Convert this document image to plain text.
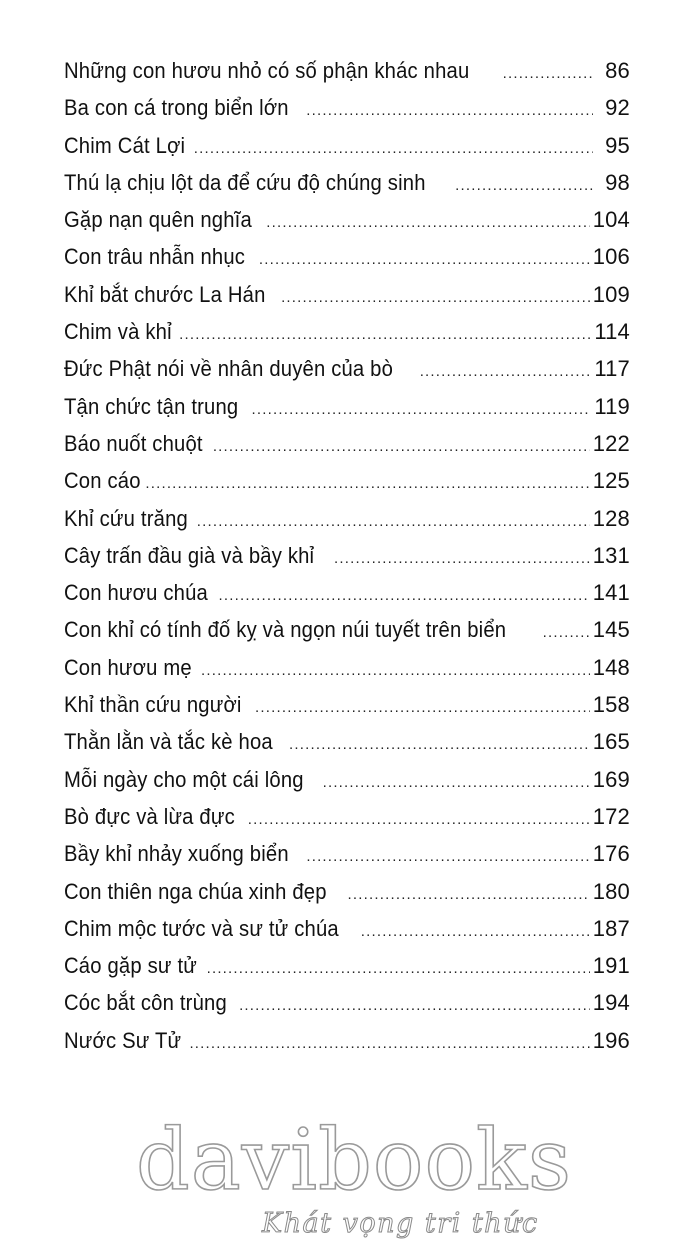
Những con hươu nhỏ có số phận khác nhau .....	86
Ba con cá trong biển lớn .....	92
Chim Cát Lợi .....	95
Thú lạ chịu lột da để cứu độ chúng sinh .....	98
Gặp nạn quên nghĩa .....	104
Con trâu nhẫn nhục .....	106
Khỉ bắt chước La Hán .....	109
Chim và khỉ .....	114
Đức Phật nói về nhân duyên của bò .....	117
Tận chức tận trung .....	119
Báo nuốt chuột .....	122
Con cáo .....	125
Khỉ cứu trăng .....	128
Cây trấn đầu già và bầy khỉ .....	131
Con hươu chúa .....	141
Con khỉ có tính đố kỵ và ngọn núi tuyết trên biển .....	145
Con hươu mẹ .....	148
Khỉ thần cứu người .....	158
Thằn lằn và tắc kè hoa .....	165
Mỗi ngày cho một cái lông .....	169
Bò đực và lừa đực .....	172
Bầy khỉ nhảy xuống biển .....	176
Con thiên nga chúa xinh đẹp .....	180
Chim mộc tước và sư tử chúa .....	187
Cáo gặp sư tử .....	191
Cóc bắt côn trùng .....	194
Nước Sư Tử .....	196
davibooks
Khát vọng tri thức
